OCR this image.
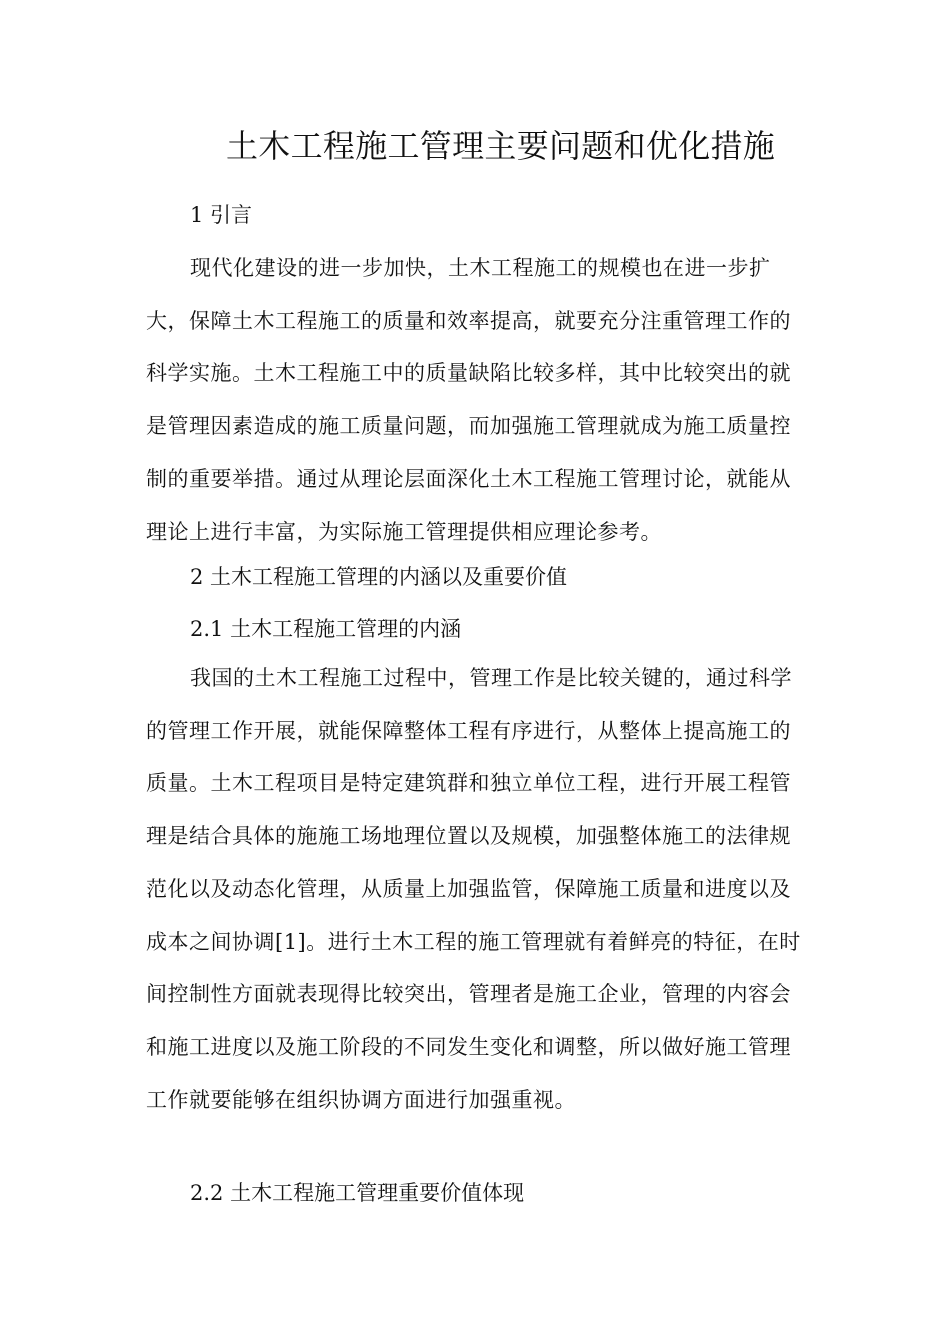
土木工程施工管理主要问题和优化措施
1 引言
现代化建设的进一步加快，土木工程施工的规模也在进一步扩大，保障土木工程施工的质量和效率提高，就要充分注重管理工作的科学实施。土木工程施工中的质量缺陷比较多样，其中比较突出的就是管理因素造成的施工质量问题，而加强施工管理就成为施工质量控制的重要举措。通过从理论层面深化土木工程施工管理讨论，就能从理论上进行丰富，为实际施工管理提供相应理论参考。
2 土木工程施工管理的内涵以及重要价值
2.1 土木工程施工管理的内涵
我国的土木工程施工过程中，管理工作是比较关键的，通过科学的管理工作开展，就能保障整体工程有序进行，从整体上提高施工的质量。土木工程项目是特定建筑群和独立单位工程，进行开展工程管理是结合具体的施施工场地理位置以及规模，加强整体施工的法律规范化以及动态化管理，从质量上加强监管，保障施工质量和进度以及成本之间协调[1]。进行土木工程的施工管理就有着鲜亮的特征，在时间控制性方面就表现得比较突出，管理者是施工企业，管理的内容会和施工进度以及施工阶段的不同发生变化和调整，所以做好施工管理工作就要能够在组织协调方面进行加强重视。
2.2 土木工程施工管理重要价值体现
